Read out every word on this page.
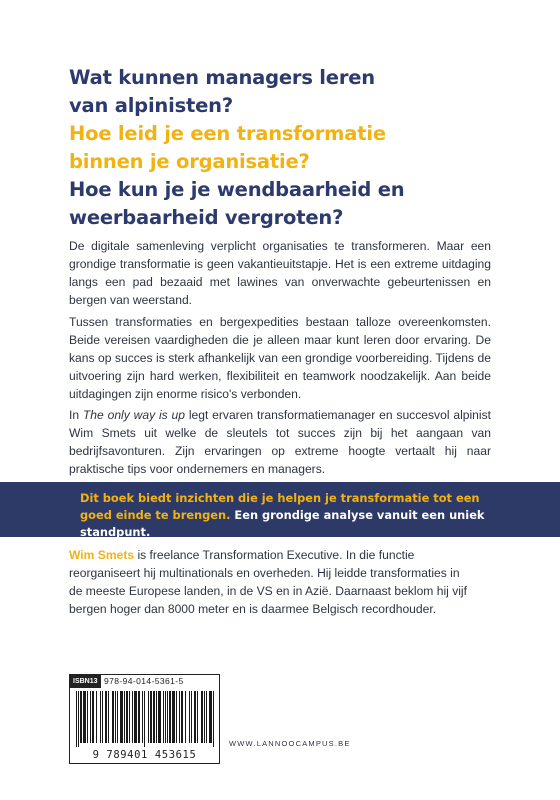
Wat kunnen managers leren
van alpinisten?
Hoe leid je een transformatie
binnen je organisatie?
Hoe kun je je wendbaarheid en
weerbaarheid vergroten?

De digitale samenleving verplicht organisaties te transformeren. Maar een grondige transformatie is geen vakantieuitstapje. Het is een extreme uitdaging langs een pad bezaaid met lawines van onverwachte gebeurtenissen en bergen van weerstand.

Tussen transformaties en bergexpedities bestaan talloze overeenkomsten. Beide vereisen vaardigheden die je alleen maar kunt leren door ervaring. De kans op succes is sterk afhankelijk van een grondige voorbereiding. Tijdens de uitvoering zijn hard werken, flexibiliteit en teamwork noodzakelijk. Aan beide uitdagingen zijn enorme risico's verbonden.

In The only way is up legt ervaren transformatiemanager en succesvol alpinist Wim Smets uit welke de sleutels tot succes zijn bij het aangaan van bedrijfsavonturen. Zijn ervaringen op extreme hoogte vertaalt hij naar praktische tips voor ondernemers en managers.

Dit boek biedt inzichten die je helpen je transformatie tot een goed einde te brengen. Een grondige analyse vanuit een uniek standpunt.

Wim Smets is freelance Transformation Executive. In die functie reorganiseert hij multinationals en overheden. Hij leidde transformaties in de meeste Europese landen, in de VS en in Azië. Daarnaast beklom hij vijf bergen hoger dan 8000 meter en is daarmee Belgisch recordhouder.

ISBN13 978-94-014-5361-5
9 789401 453615
WWW.LANNOOCAMPUS.BE
